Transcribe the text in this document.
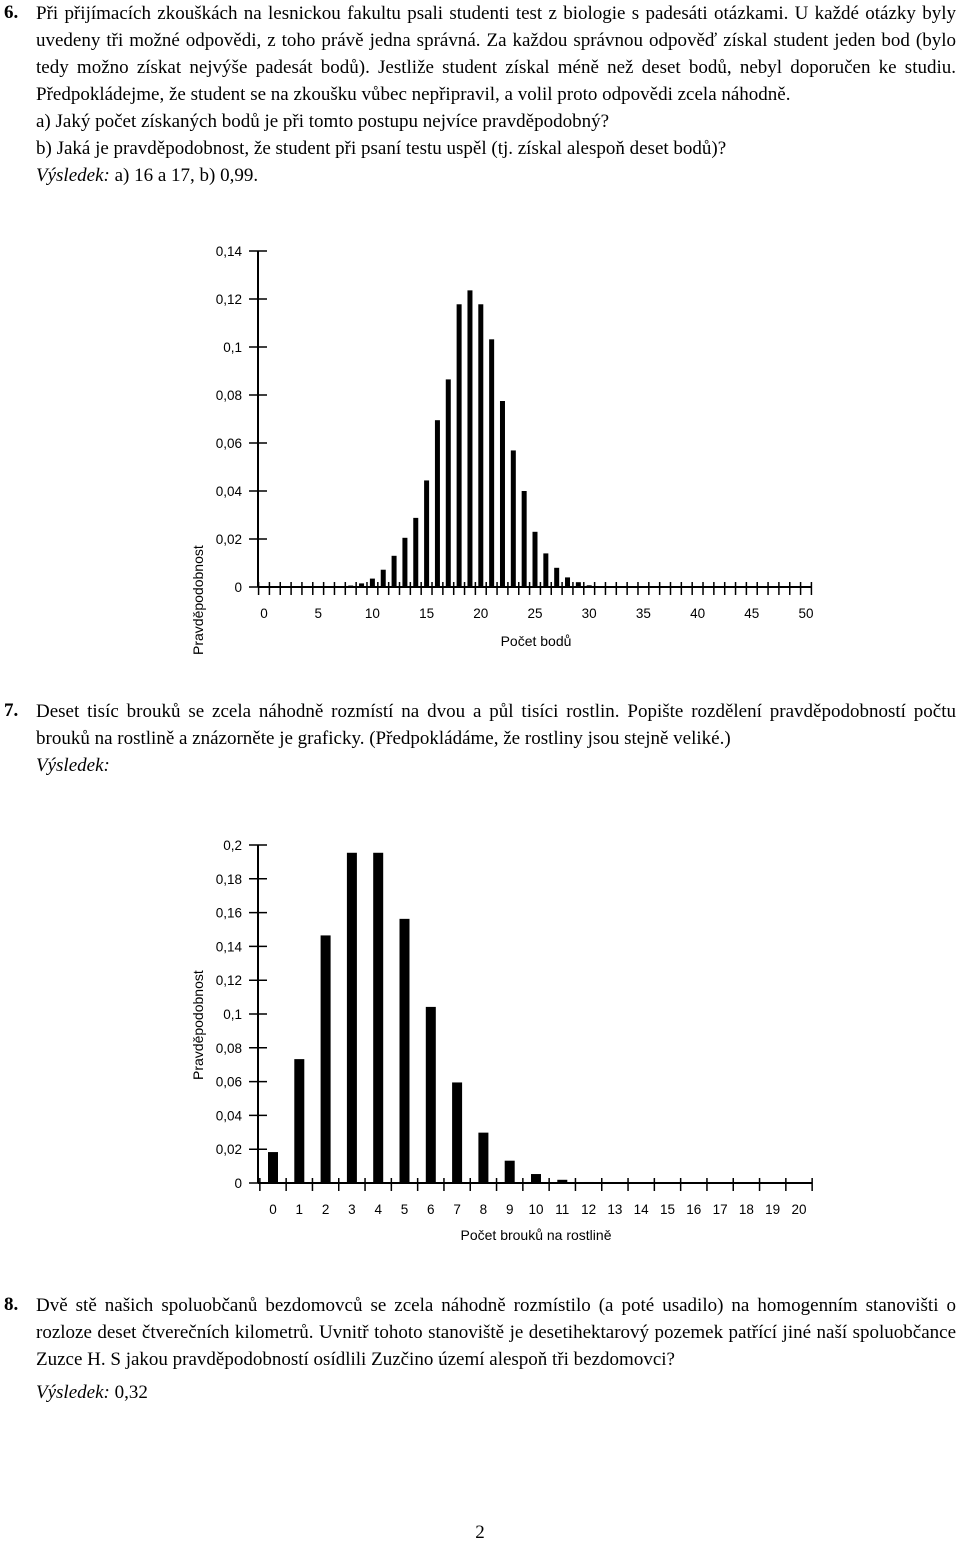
6. Při přijímacích zkouškách na lesnickou fakultu psali studenti test z biologie s padesáti otázkami. U každé otázky byly uvedeny tři možné odpovědi, z toho právě jedna správná. Za každou správnou odpověď získal student jeden bod (bylo tedy možno získat nejvýše padesát bodů). Jestliže student získal méně než deset bodů, nebyl doporučen ke studiu. Předpokládejme, že student se na zkoušku vůbec nepřipravil, a volil proto odpovědi zcela náhodně.

a) Jaký počet získaných bodů je při tomto postupu nejvíce pravděpodobný?

b) Jaká je pravděpodobnost, že student při psaní testu uspěl (tj. získal alespoň deset bodů)?

Výsledek: a) 16 a 17, b) 0,99.
Pravděpodobnost	Počet bodů
0
0,02
0,04
0,06
0,08
0,1
0,12
0,14
0	5	10	15	20	25	30	35	40	45	50
7. Deset tisíc brouků se zcela náhodně rozmístí na dvou a půl tisíci rostlin. Popište rozdělení pravděpodobností počtu brouků na rostlině a znázorněte je graficky. (Předpokládáme, že rostliny jsou stejně veliké.)

Výsledek:
Pravděpodobnost
Počet brouků na rostlině
0
0,02
0,04
0,06
0,08
0,1
0,12
0,14
0,16
0,18
0,2
0 1 2 3 4 5 6 7 8 9 10 11 12 13 14 15 16 17 18 19 20
8. Dvě stě našich spoluobčanů bezdomovců se zcela náhodně rozmístilo (a poté usadilo) na homogenním stanovišti o rozloze deset čtverečních kilometrů. Uvnitř tohoto stanoviště je desetihektarový pozemek patřící jiné naší spoluobčance Zuzce H. S jakou pravděpodobností osídlili Zuzčino území alespoň tři bezdomovci?

Výsledek: 0,32
2
